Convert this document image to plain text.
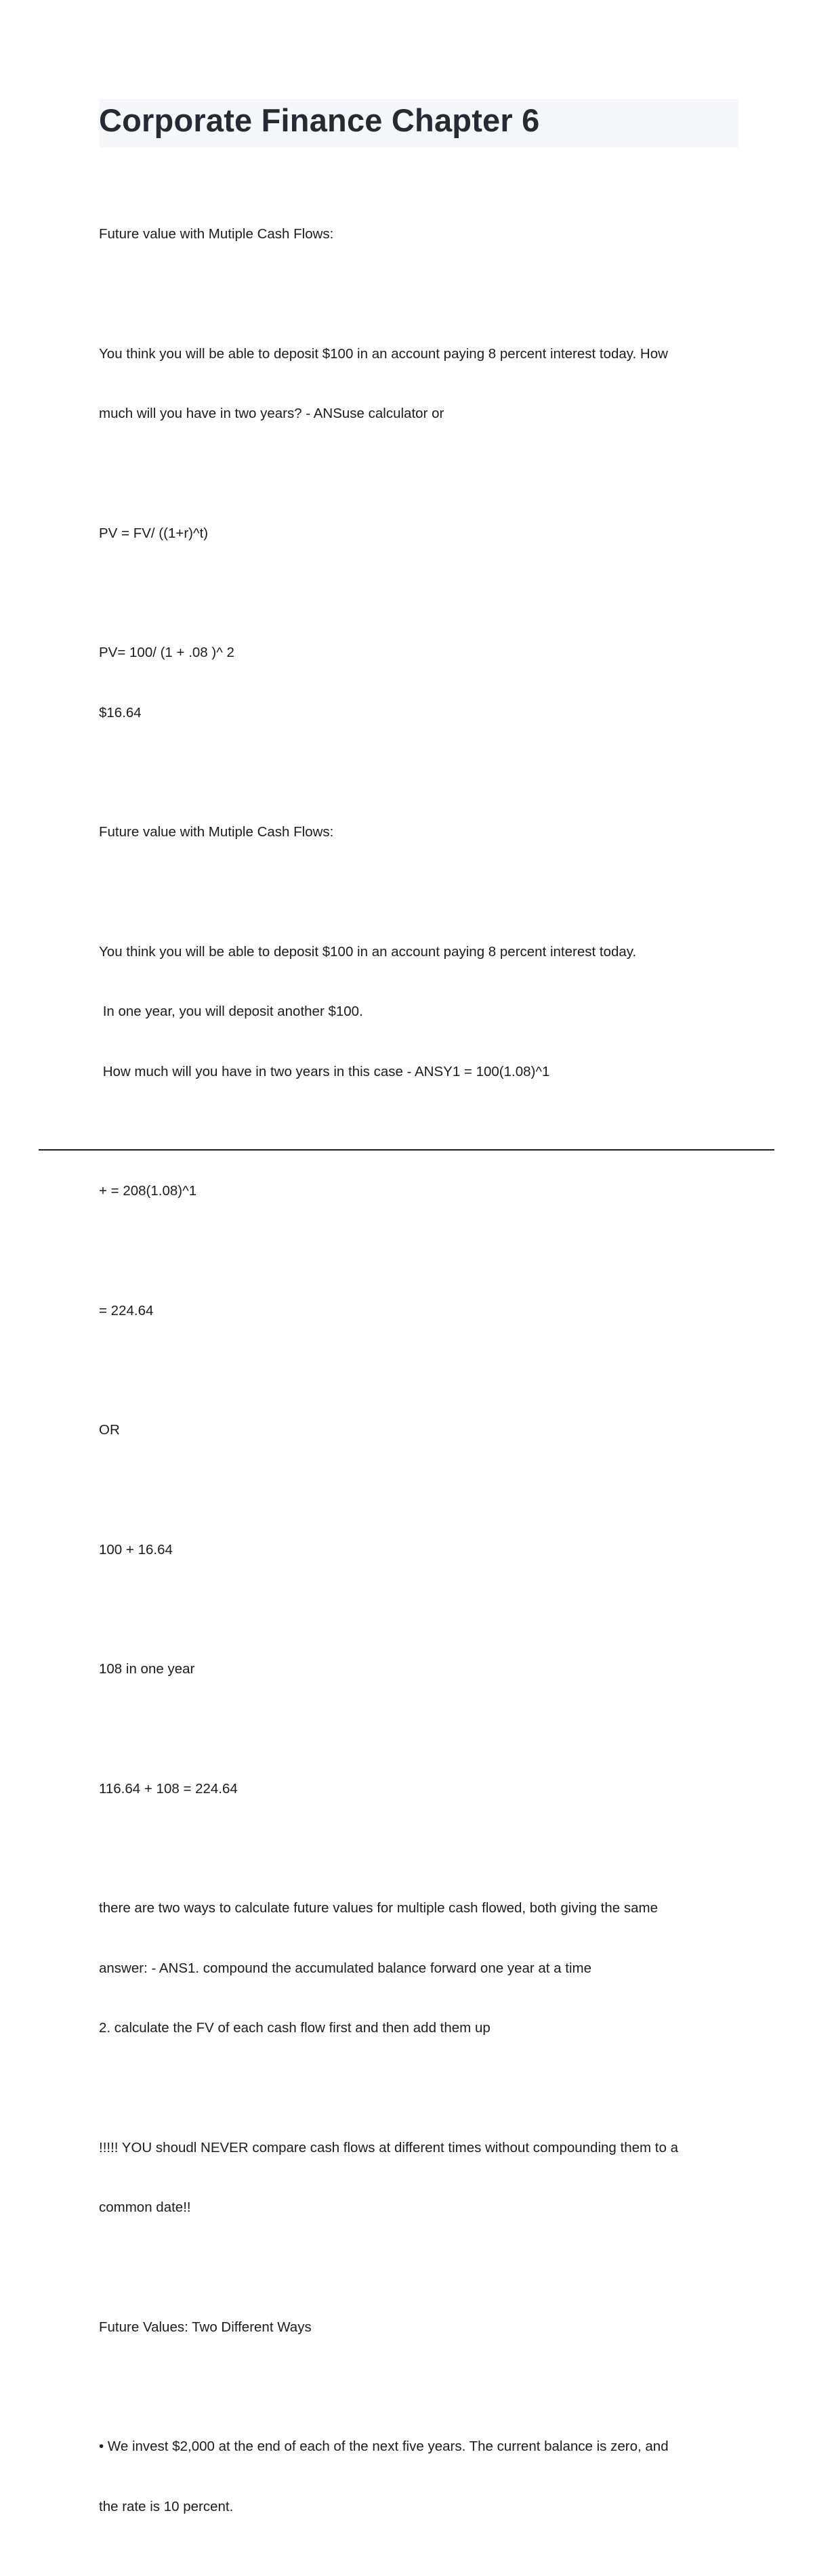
Corporate Finance Chapter 6

Future value with Mutiple Cash Flows:

You think you will be able to deposit $100 in an account paying 8 percent interest today. How

much will you have in two years? - ANSuse calculator or

PV = FV/ ((1+r)^t)

PV= 100/ (1 + .08 )^ 2

$16.64

Future value with Mutiple Cash Flows:

You think you will be able to deposit $100 in an account paying 8 percent interest today.

In one year, you will deposit another $100.

How much will you have in two years in this case - ANSY1 = 100(1.08)^1

+ = 208(1.08)^1

= 224.64

OR

100 + 16.64

108 in one year

116.64 + 108 = 224.64

there are two ways to calculate future values for multiple cash flowed, both giving the same

answer: - ANS1. compound the accumulated balance forward one year at a time

2. calculate the FV of each cash flow first and then add them up

!!!!! YOU shoudl NEVER compare cash flows at different times without compounding them to a

common date!!

Future Values: Two Different Ways

• We invest $2,000 at the end of each of the next five years. The current balance is zero, and

the rate is 10 percent.
